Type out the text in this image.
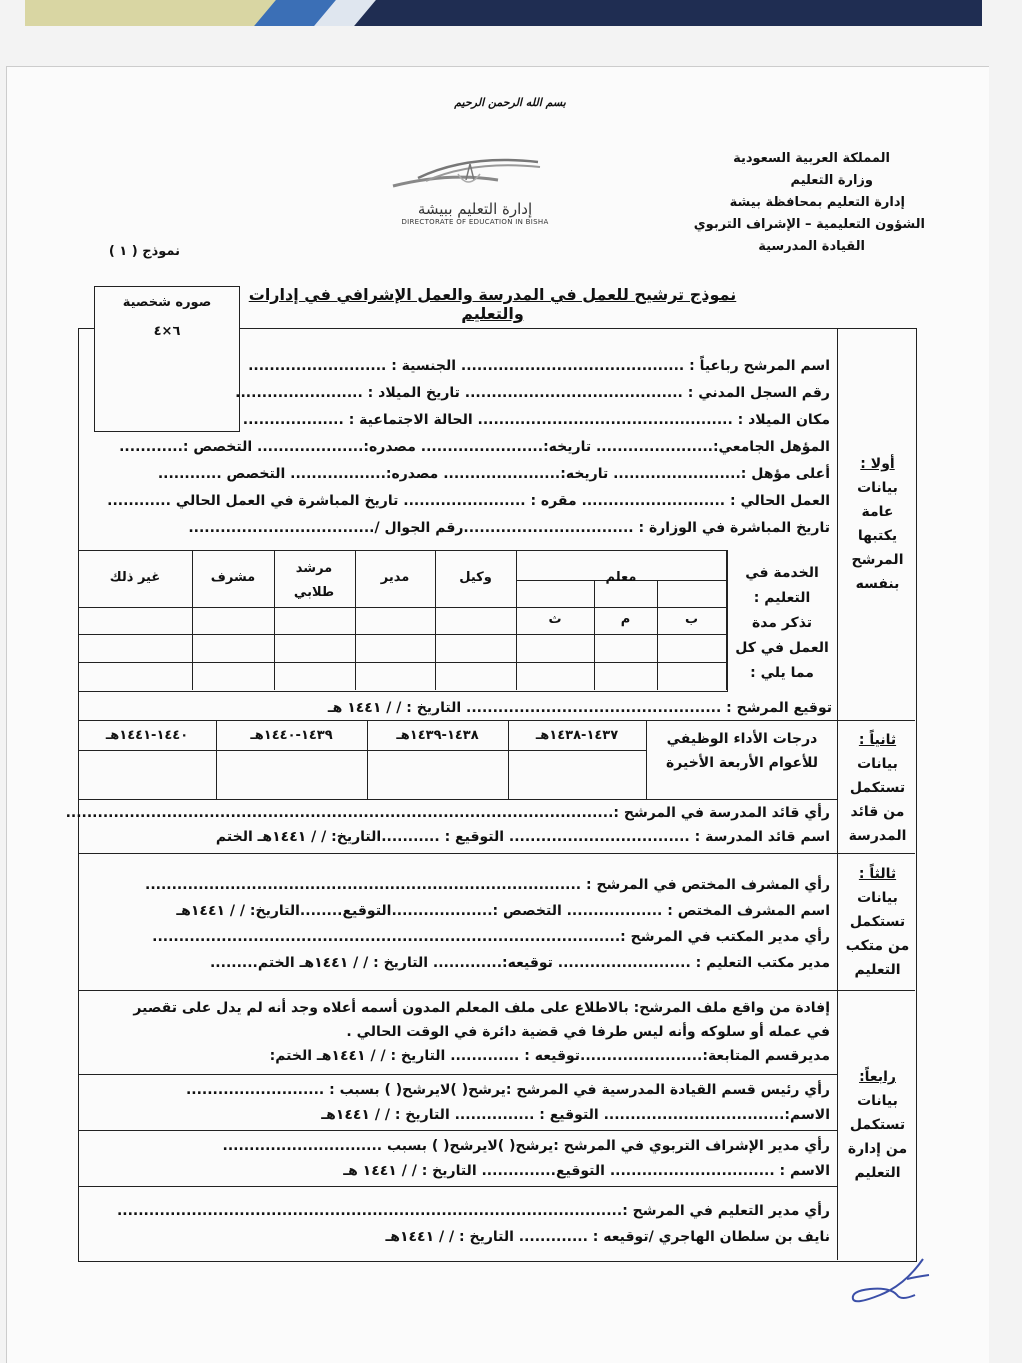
بسم الله الرحمن الرحيم
المملكة العربية السعودية
وزارة التعليم
إدارة التعليم بمحافظة بيشة
الشؤون التعليمية – الإشراف التربوي
القيادة المدرسية
إدارة التعليم ببيشة
DIRECTORATE OF EDUCATION IN BISHA
نموذج ( ١ )
نموذج ترشيح للعمل في المدرسة والعمل الإشرافي في إدارات والتعليم
صوره شخصية
٦×٤
أولا :
بيانات
عامة
يكتبها
المرشح
بنفسه
اسم المرشح رباعياً : .......................................... الجنسية : ..........................
رقم السجل المدني : ......................................... تاريخ الميلاد : ........................
مكان الميلاد : ................................................ الحالة الاجتماعية : ...................
المؤهل الجامعي:...................... تاريخه:....................... مصدره:.................... التخصص :............
أعلى مؤهل :........................ تاريخه:...................... مصدره:.................. التخصص ............
العمل الحالي : ........................... مقره : ....................... تاريخ المباشرة في العمل الحالي ............
تاريخ المباشرة في الوزارة : ................................رقم الجوال /...................................
معلم
وكيل
مدير
مرشد طلابي
مشرف
غير ذلك
ب
م
ث
الخدمة في
التعليم :
تذكر مدة
العمل في كل
مما يلي :
توقيع المرشح : ................................................ التاريخ : / / ١٤٤١ هـ
ثانياً :
بيانات
تستكمل
من قائد
المدرسة
درجات الأداء الوظيفي للأعوام الأربعة الأخيرة
١٤٣٧-١٤٣٨هـ
١٤٣٨-١٤٣٩هـ
١٤٣٩-١٤٤٠هـ
١٤٤٠-١٤٤١هـ
رأي قائد المدرسة في المرشح :.......................................................................................................
اسم قائد المدرسة : .................................. التوقيع : ...........التاريخ: / / ١٤٤١هـ الختم
ثالثاً :
بيانات
تستكمل
من متكب
التعليم
رأي المشرف المختص في المرشح : ..................................................................................
اسم المشرف المختص : .................. التخصص :...................التوقيع........التاريخ: / / ١٤٤١هـ
رأي مدير المكتب في المرشح :........................................................................................
مدير مكتب التعليم : ......................... توقيعه:............. التاريخ : / / ١٤٤١هـ الختم.........
رابعاً:
بيانات
تستكمل
من إدارة
التعليم
إفادة من واقع ملف المرشح: بالاطلاع على ملف المعلم المدون أسمه أعلاه وجد أنه لم يدل على تقصير
في عمله أو سلوكه وأنه ليس طرفا في قضية دائرة في الوقت الحالي .
مديرقسم المتابعة:.......................توقيعه : ............. التاريخ : / / ١٤٤١هـ الختم:
رأي رئيس قسم القيادة المدرسية في المرشح :يرشح( )لايرشح( ) بسبب : ..........................
الاسم:.................................. التوقيع : ............... التاريخ : / / ١٤٤١هـ
رأي مدير الإشراف التربوي في المرشح :يرشح( )لايرشح( ) بسبب ..............................
الاسم : ............................... التوقيع.............. التاريخ : / / ١٤٤١ هـ
رأي مدير التعليم في المرشح :...............................................................................................
نايف بن سلطان الهاجري /توقيعه : ............. التاريخ : / / ١٤٤١هـ
